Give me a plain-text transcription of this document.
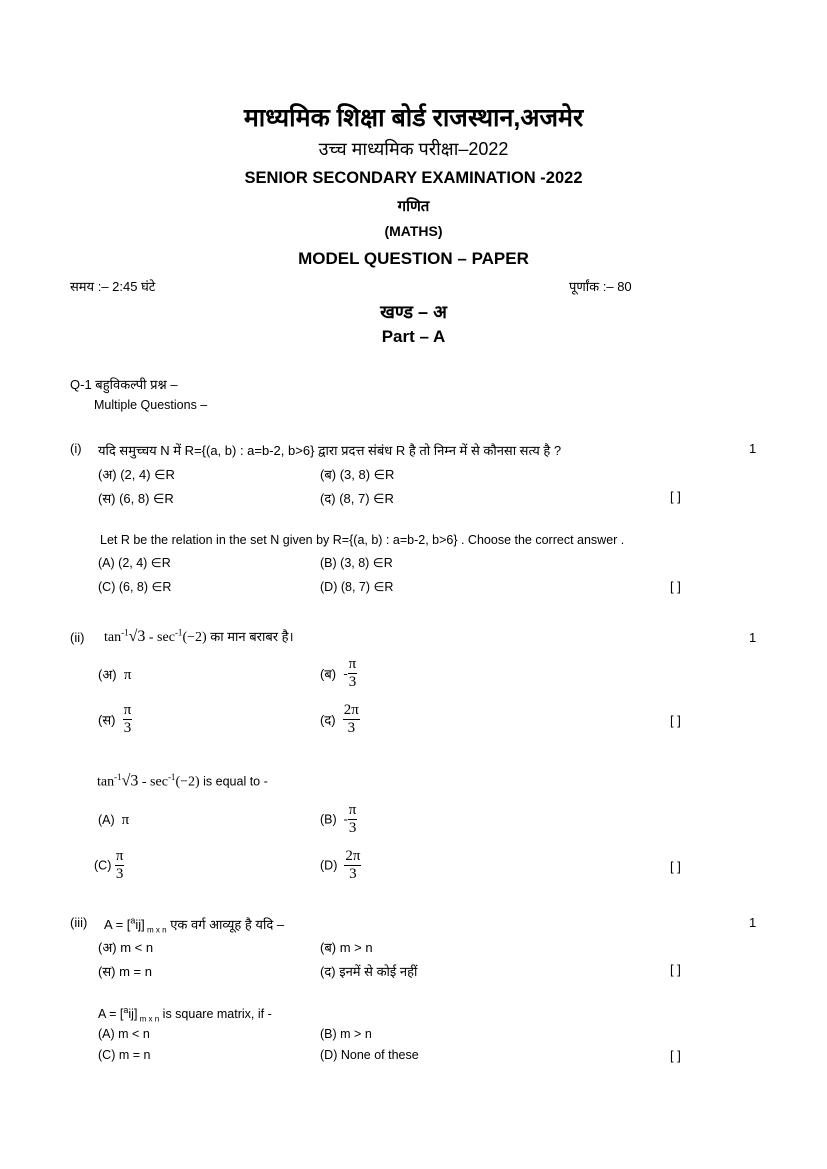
माध्यमिक शिक्षा बोर्ड राजस्थान,अजमेर
उच्च माध्यमिक परीक्षा–2022
SENIOR SECONDARY EXAMINATION -2022
गणित
(MATHS)
MODEL QUESTION – PAPER
समय :– 2:45 घंटे	पूर्णांक :– 80
खण्ड – अ
Part – A
Q-1 बहुविकल्पी प्रश्न –
Multiple Questions –
(i) यदि समुच्चय N में R={(a, b) : a=b-2, b>6} द्वारा प्रदत्त संबंध R है तो निम्न में से कौनसा सत्य है ?	1
(अ) (2, 4) ∈R	(ब) (3, 8) ∈R
(स) (6, 8) ∈R	(द) (8, 7) ∈R	[ ]
Let R be the relation in the set N given by R={(a, b) : a=b-2, b>6} . Choose the correct answer .
(A) (2, 4) ∈R	(B) (3, 8) ∈R
(C) (6, 8) ∈R	(D) (8, 7) ∈R	[ ]
(ii) $\tan^{-1}√3 - \sec^{-1}(-2)$ का मान बराबर है।	1
(अ) π	(ब) - $\frac{\pi}{3}$
(स) $\frac{\pi}{3}$	(द) $\frac{2\pi}{3}$	[ ]
$\tan^{-1}√3 - \sec^{-1}(-2)$ is equal to -
(A) π	$(B) - \frac{\pi}{3}$
$(C) \frac{\pi}{3}$	$(D) \frac{2\pi}{3}$	[ ]
(iii) A = [$^a$ij] $_{m x n}$ एक वर्ग आव्यूह है यदि –	1
(अ) m < n	(ब) m > n
(स) m = n	(द) इनमें से कोई नहीं	[ ]
A = [$^a$ij] $_{m x n}$ is square matrix, if -
(A) m < n	(B) m > n
(C) m = n	(D) None of these	[ ]
